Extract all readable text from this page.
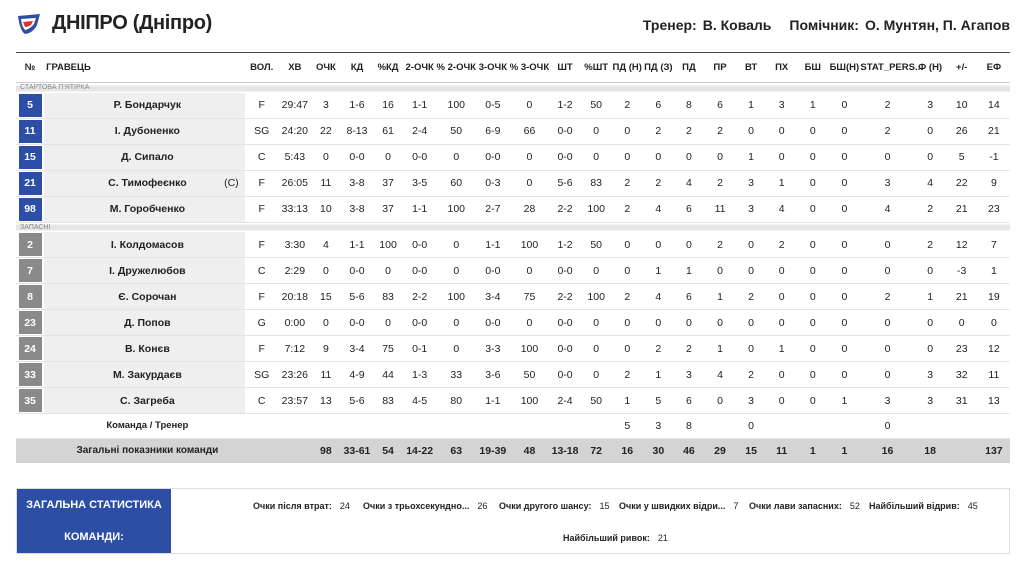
ДНІПРО (Дніпро)	Тренер: В. Коваль Помічник: О. Мунтян, П. Агапов
№	ГРАВЕЦЬ	ВОЛ.	ХВ	ОЧК	КД	%КД	2-ОЧК	% 2-ОЧК	3-ОЧК	% 3-ОЧК	ШТ	%ШТ	ПД (Н)	ПД (З)	ПД	ПР	ВТ	ПХ	БШ	БШ(Н)	STAT_PERS...	Ф (Н)	+/-	ЕФ
СТАРТОВА П'ЯТІРКА																								

5	Р. Бондарчук	F	29:47	3	1-6	16	1-1	100	0-5	0	1-2	50	2	6	8	6	1	3	1	0	2	3	10	14

11	І. Дубоненко	SG	24:20	22	8-13	61	2-4	50	6-9	66	0-0	0	0	2	2	2	0	0	0	0	2	0	26	21

15	Д. Сипало	C	5:43	0	0-0	0	0-0	0	0-0	0	0-0	0	0	0	0	0	1	0	0	0	0	0	5	-1

21	С. Тимофеєнко (C)	F	26:05	11	3-8	37	3-5	60	0-3	0	5-6	83	2	2	4	2	3	1	0	0	3	4	22	9

98	М. Горобченко	F	33:13	10	3-8	37	1-1	100	2-7	28	2-2	100	2	4	6	11	3	4	0	0	4	2	21	23
ЗАПАСНІ																								

2	І. Колдомасов	F	3:30	4	1-1	100	0-0	0	1-1	100	1-2	50	0	0	0	2	0	2	0	0	0	2	12	7

7	І. Дружелюбов	C	2:29	0	0-0	0	0-0	0	0-0	0	0-0	0	0	1	1	0	0	0	0	0	0	0	-3	1

8	Є. Сорочан	F	20:18	15	5-6	83	2-2	100	3-4	75	2-2	100	2	4	6	1	2	0	0	0	2	1	21	19

23	Д. Попов	G	0:00	0	0-0	0	0-0	0	0-0	0	0-0	0	0	0	0	0	0	0	0	0	0	0	0	0

24	В. Конєв	F	7:12	9	3-4	75	0-1	0	3-3	100	0-0	0	0	2	2	1	0	1	0	0	0	0	23	12

33	М. Закурдаєв	SG	23:26	11	4-9	44	1-3	33	3-6	50	0-0	0	2	1	3	4	2	0	0	0	0	3	32	11

35	С. Загреба	C	23:57	13	5-6	83	4-5	80	1-1	100	2-4	50	1	5	6	0	3	0	0	1	3	3	31	13
	Команда / Тренер												5	3	8		0				0			
	Загальні показники команди			98	33-61	54	14-22	63	19-39	48	13-18	72	16	30	46	29	15	11	1	1	16	18		137
ЗАГАЛЬНА СТАТИСТИКА
КОМАНДИ:
Очки після втрат: 24 Очки з трьохсекундно... 26 Очки другого шансу: 15 Очки у швидких відри... 7 Очки лави запасних: 52 Найбільший відрив: 45
Найбільший ривок: 21
